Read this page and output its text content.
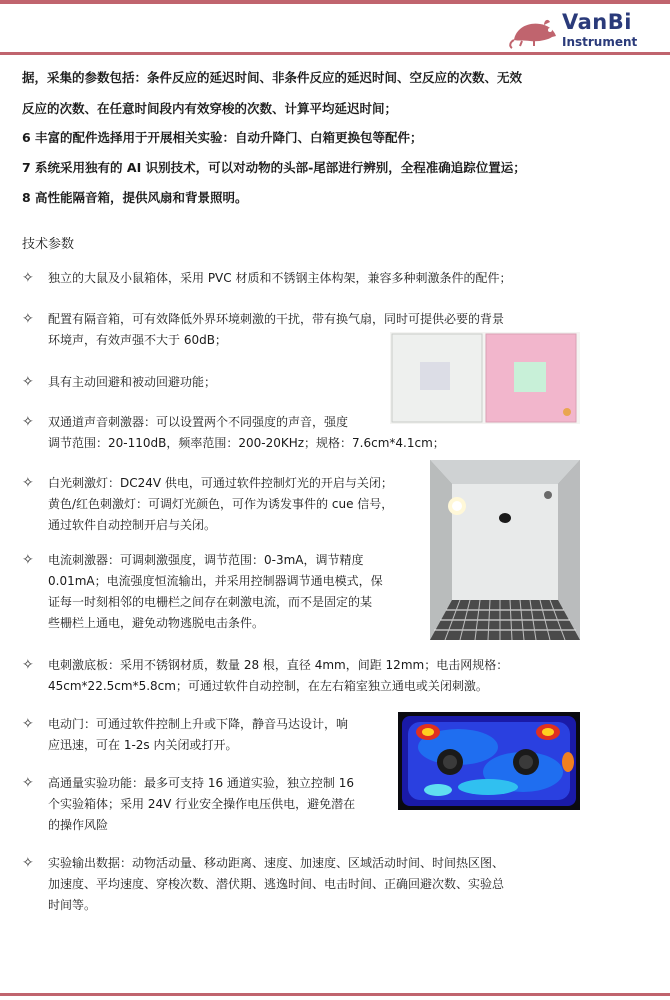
VanBi
Instrument
据，采集的参数包括：条件反应的延迟时间、非条件反应的延迟时间、空反应的次数、无效
反应的次数、在任意时间段内有效穿梭的次数、计算平均延迟时间；
6 丰富的配件选择用于开展相关实验：自动升降门、白箱更换包等配件；
7 系统采用独有的 AI 识别技术，可以对动物的头部-尾部进行辨别，全程准确追踪位置运；
8 高性能隔音箱，提供风扇和背景照明。
技术参数
✧ 独立的大鼠及小鼠箱体，采用 PVC 材质和不锈钢主体构架，兼容多种刺激条件的配件；
✧ 配置有隔音箱，可有效降低外界环境刺激的干扰，带有换气扇，同时可提供必要的背景
环境声，有效声强不大于 60dB；
✧ 具有主动回避和被动回避功能；
✧ 双通道声音刺激器：可以设置两个不同强度的声音，强度
调节范围：20-110dB，频率范围：200-20KHz；规格：7.6cm*4.1cm；
✧ 白光刺激灯：DC24V 供电，可通过软件控制灯光的开启与关闭；
黄色/红色刺激灯：可调灯光颜色，可作为诱发事件的 cue 信号，
通过软件自动控制开启与关闭。
✧ 电流刺激器：可调刺激强度，调节范围：0-3mA，调节精度
0.01mA；电流强度恒流输出，并采用控制器调节通电模式，保
证每一时刻相邻的电栅栏之间存在刺激电流，而不是固定的某
些栅栏上通电，避免动物逃脱电击条件。
✧ 电刺激底板：采用不锈钢材质，数量 28 根，直径 4mm，间距 12mm；电击网规格：
45cm*22.5cm*5.8cm；可通过软件自动控制，在左右箱室独立通电或关闭刺激。
✧ 电动门：可通过软件控制上升或下降，静音马达设计，响
应迅速，可在 1-2s 内关闭或打开。
✧ 高通量实验功能：最多可支持 16 通道实验，独立控制 16
个实验箱体；采用 24V 行业安全操作电压供电，避免潜在
的操作风险
✧ 实验输出数据：动物活动量、移动距离、速度、加速度、区域活动时间、时间热区图、
加速度、平均速度、穿梭次数、潜伏期、逃逸时间、电击时间、正确回避次数、实验总
时间等。
